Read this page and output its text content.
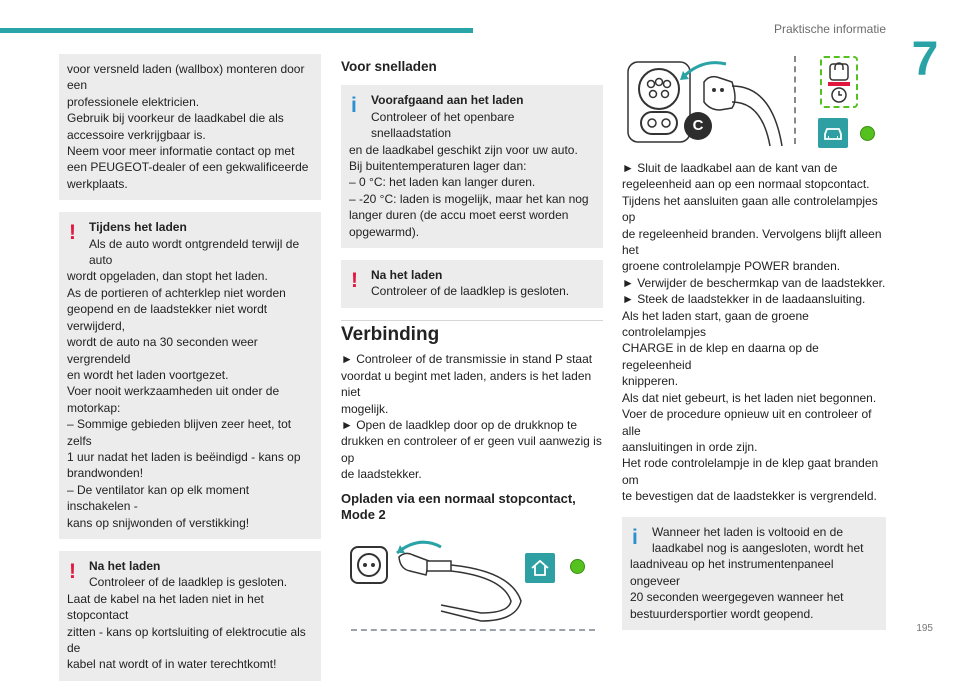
Praktische informatie
7
195

voor versneld laden (wallbox) monteren door een

professionele elektricien.

Gebruik bij voorkeur de laadkabel die als

accessoire verkrijgbaar is.

Neem voor meer informatie contact op met

een PEUGEOT-dealer of een gekwalificeerde

werkplaats.

!	Tijdens het laden
Als de auto wordt ontgrendeld terwijl de auto

wordt opgeladen, dan stopt het laden.

As de portieren of achterklep niet worden

geopend en de laadstekker niet wordt verwijderd,

wordt de auto na 30 seconden weer vergrendeld

en wordt het laden voortgezet.

Voer nooit werkzaamheden uit onder de

motorkap:

– Sommige gebieden blijven zeer heet, tot zelfs

1 uur nadat het laden is beëindigd - kans op

brandwonden!

– De ventilator kan op elk moment inschakelen -

kans op snijwonden of verstikking!

!	Na het laden
Controleer of de laadklep is gesloten.

Laat de kabel na het laden niet in het stopcontact

zitten - kans op kortsluiting of elektrocutie als de

kabel nat wordt of in water terechtkomt!

Voor snelladen
i	Voorafgaand aan het laden
Controleer of het openbare snellaadstation

en de laadkabel geschikt zijn voor uw auto.

Bij buitentemperaturen lager dan:

– 0 °C: het laden kan langer duren.

– -20 °C: laden is mogelijk, maar het kan nog

langer duren (de accu moet eerst worden

opgewarmd).

!	Na het laden
Controleer of de laadklep is gesloten.
Verbinding

► Controleer of de transmissie in stand P staat

voordat u begint met laden, anders is het laden niet

mogelijk.

► Open de laadklep door op de drukknop te

drukken en controleer of er geen vuil aanwezig is op

de laadstekker.

Opladen via een normaal stopcontact, Mode 2
C

► Sluit de laadkabel aan de kant van de

regeleenheid aan op een normaal stopcontact.

Tijdens het aansluiten gaan alle controlelampjes op

de regeleenheid branden. Vervolgens blijft alleen het

groene controlelampje POWER branden.

► Verwijder de beschermkap van de laadstekker.

► Steek de laadstekker in de laadaansluiting.

Als het laden start, gaan de groene controlelampjes

CHARGE in de klep en daarna op de regeleenheid

knipperen.

Als dat niet gebeurt, is het laden niet begonnen.

Voer de procedure opnieuw uit en controleer of alle

aansluitingen in orde zijn.

Het rode controlelampje in de klep gaat branden om

te bevestigen dat de laadstekker is vergrendeld.

i	Wanneer het laden is voltooid en de

laadkabel nog is aangesloten, wordt het

laadniveau op het instrumentenpaneel ongeveer

20 seconden weergegeven wanneer het

bestuurdersportier wordt geopend.
